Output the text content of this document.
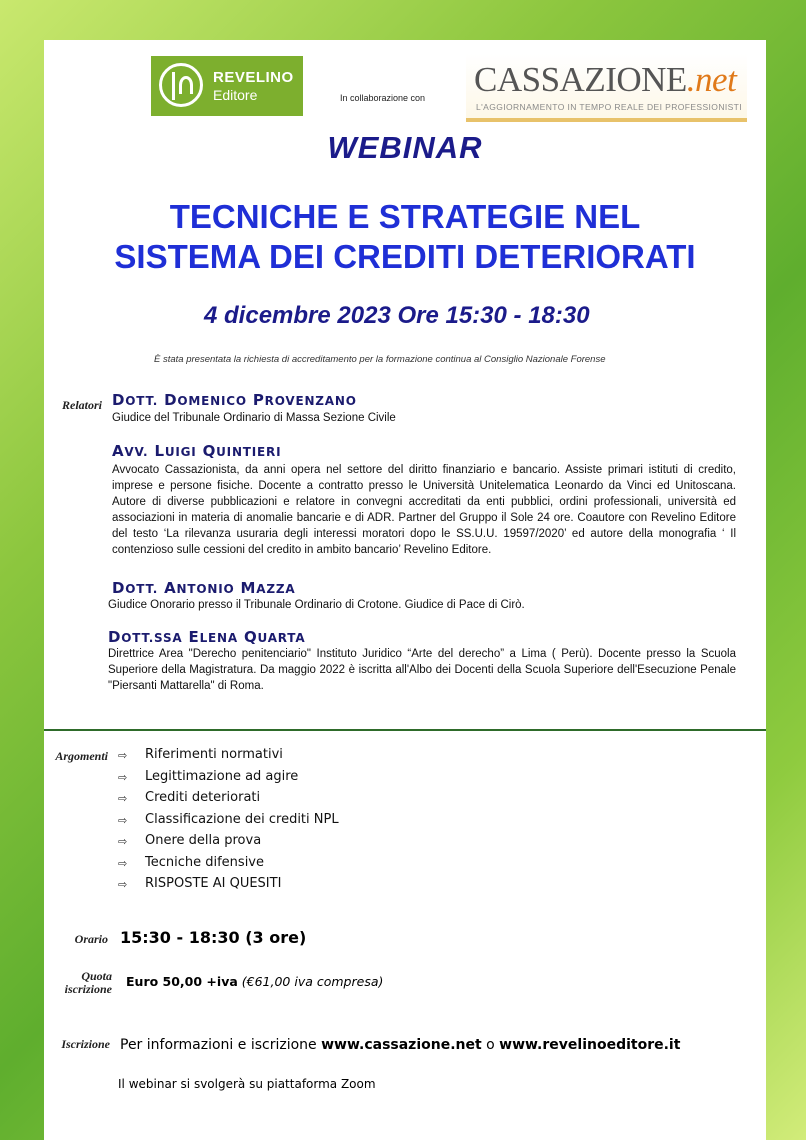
REVELINO
Editore	In collaborazione con CASSAZIONE.net
L'AGGIORNAMENTO IN TEMPO REALE DEI PROFESSIONISTI
WEBINAR
TECNICHE E STRATEGIE NEL
SISTEMA DEI CREDITI DETERIORATI
4 dicembre 2023 Ore 15:30 - 18:30
È stata presentata la richiesta di accreditamento per la formazione continua al Consiglio Nazionale Forense
Relatori DOTT. DOMENICO PROVENZANO
Giudice del Tribunale Ordinario di Massa Sezione Civile
AVV. LUIGI QUINTIERI
Avvocato Cassazionista, da anni opera nel settore del diritto finanziario e bancario. Assiste primari istituti di credito, imprese e persone fisiche. Docente a contratto presso le Università Unitelematica Leonardo da Vinci ed Unitoscana. Autore di diverse pubblicazioni e relatore in convegni accreditati da enti pubblici, ordini professionali, università ed associazioni in materia di anomalie bancarie e di ADR. Partner del Gruppo il Sole 24 ore. Coautore con Revelino Editore del testo ‘La rilevanza usuraria degli interessi moratori dopo le SS.U.U. 19597/2020’ ed autore della monografia ‘ Il contenzioso sulle cessioni del credito in ambito bancario’ Revelino Editore.
DOTT. ANTONIO MAZZA
Giudice Onorario presso il Tribunale Ordinario di Crotone. Giudice di Pace di Cirò.
DOTT.SSA ELENA QUARTA
Direttrice Area "Derecho penitenciario" Instituto Juridico “Arte del derecho” a Lima ( Perù). Docente presso la Scuola Superiore della Magistratura. Da maggio 2022 è iscritta all'Albo dei Docenti della Scuola Superiore dell'Esecuzione Penale "Piersanti Mattarella" di Roma.
Argomenti ⇨ Riferimenti normativi
⇨ Legittimazione ad agire
⇨ Crediti deteriorati
⇨ Classificazione dei crediti NPL
⇨ Onere della prova
⇨ Tecniche difensive
⇨ RISPOSTE AI QUESITI
Orario 15:30 - 18:30 (3 ore)
Quota
iscrizione Euro 50,00 +iva (€61,00 iva compresa)
Iscrizione Per informazioni e iscrizione www.cassazione.net o www.revelinoeditore.it
Il webinar si svolgerà su piattaforma Zoom
